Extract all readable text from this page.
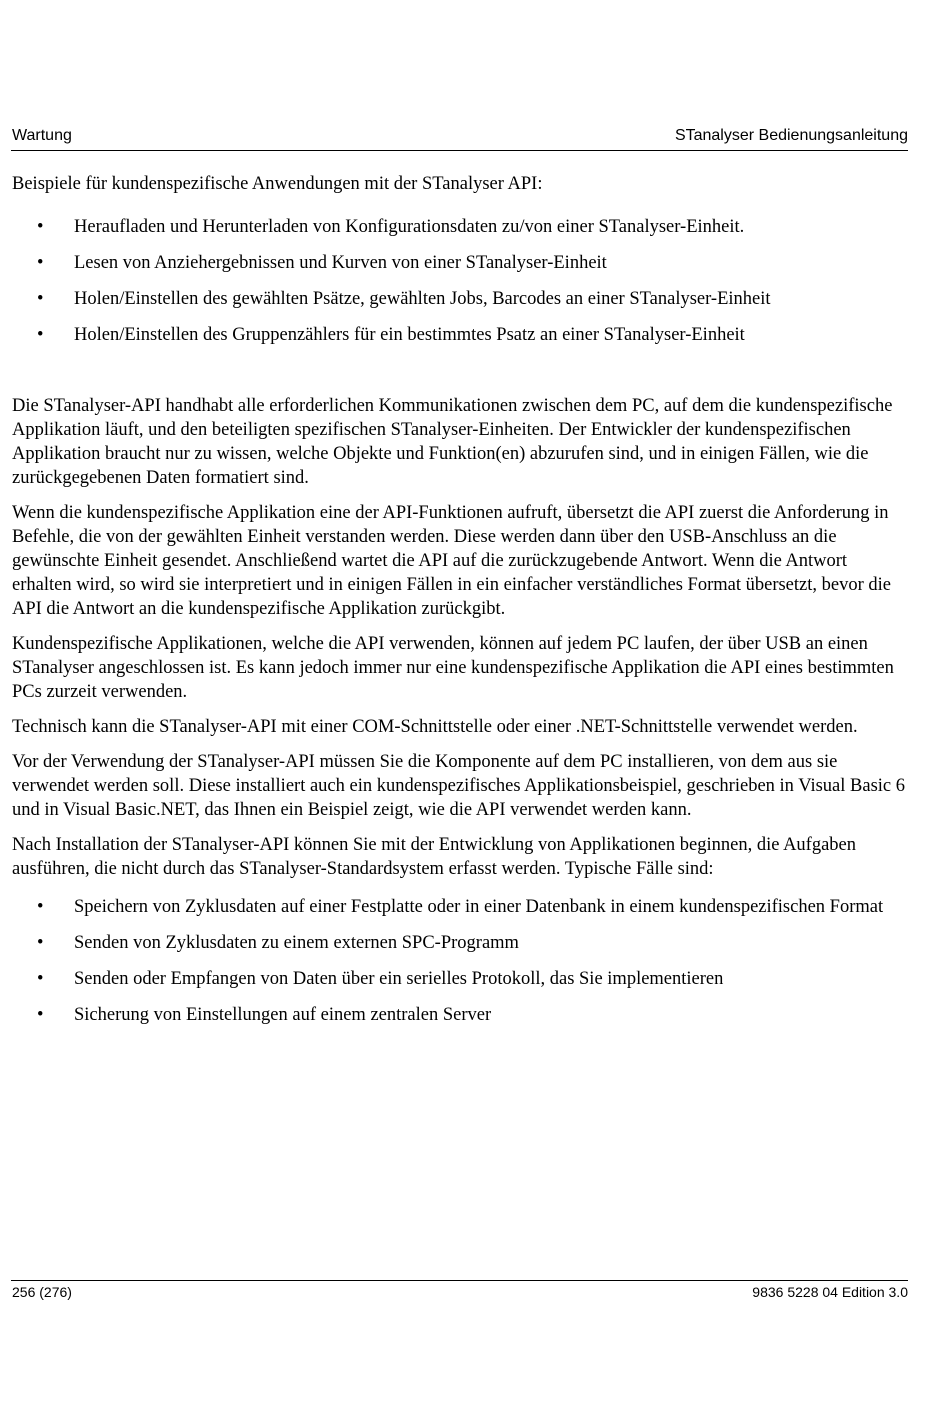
Wartung	STanalyser Bedienungsanleitung

Beispiele für kundenspezifische Anwendungen mit der STanalyser API:

• Heraufladen und Herunterladen von Konfigurationsdaten zu/von einer STanalyser-Einheit.
• Lesen von Anziehergebnissen und Kurven von einer STanalyser-Einheit
• Holen/Einstellen des gewählten Psätze, gewählten Jobs, Barcodes an einer STanalyser-Einheit
• Holen/Einstellen des Gruppenzählers für ein bestimmtes Psatz an einer STanalyser-Einheit

Die STanalyser-API handhabt alle erforderlichen Kommunikationen zwischen dem PC, auf dem die kundenspezifische Applikation läuft, und den beteiligten spezifischen STanalyser-Einheiten. Der Entwickler der kundenspezifischen Applikation braucht nur zu wissen, welche Objekte und Funktion(en) abzurufen sind, und in einigen Fällen, wie die zurückgegebenen Daten formatiert sind.

Wenn die kundenspezifische Applikation eine der API-Funktionen aufruft, übersetzt die API zuerst die Anforderung in Befehle, die von der gewählten Einheit verstanden werden. Diese werden dann über den USB-Anschluss an die gewünschte Einheit gesendet. Anschließend wartet die API auf die zurückzugebende Antwort. Wenn die Antwort erhalten wird, so wird sie interpretiert und in einigen Fällen in ein einfacher verständliches Format übersetzt, bevor die API die Antwort an die kundenspezifische Applikation zurückgibt.

Kundenspezifische Applikationen, welche die API verwenden, können auf jedem PC laufen, der über USB an einen STanalyser angeschlossen ist. Es kann jedoch immer nur eine kundenspezifische Applikation die API eines bestimmten PCs zurzeit verwenden.

Technisch kann die STanalyser-API mit einer COM-Schnittstelle oder einer .NET-Schnittstelle verwendet werden.

Vor der Verwendung der STanalyser-API müssen Sie die Komponente auf dem PC installieren, von dem aus sie verwendet werden soll. Diese installiert auch ein kundenspezifisches Applikationsbeispiel, geschrieben in Visual Basic 6 und in Visual Basic.NET, das Ihnen ein Beispiel zeigt, wie die API verwendet werden kann.

Nach Installation der STanalyser-API können Sie mit der Entwicklung von Applikationen beginnen, die Aufgaben ausführen, die nicht durch das STanalyser-Standardsystem erfasst werden. Typische Fälle sind:

• Speichern von Zyklusdaten auf einer Festplatte oder in einer Datenbank in einem kundenspezifischen Format
• Senden von Zyklusdaten zu einem externen SPC-Programm
• Senden oder Empfangen von Daten über ein serielles Protokoll, das Sie implementieren
• Sicherung von Einstellungen auf einem zentralen Server
256 (276)	9836 5228 04 Edition 3.0
